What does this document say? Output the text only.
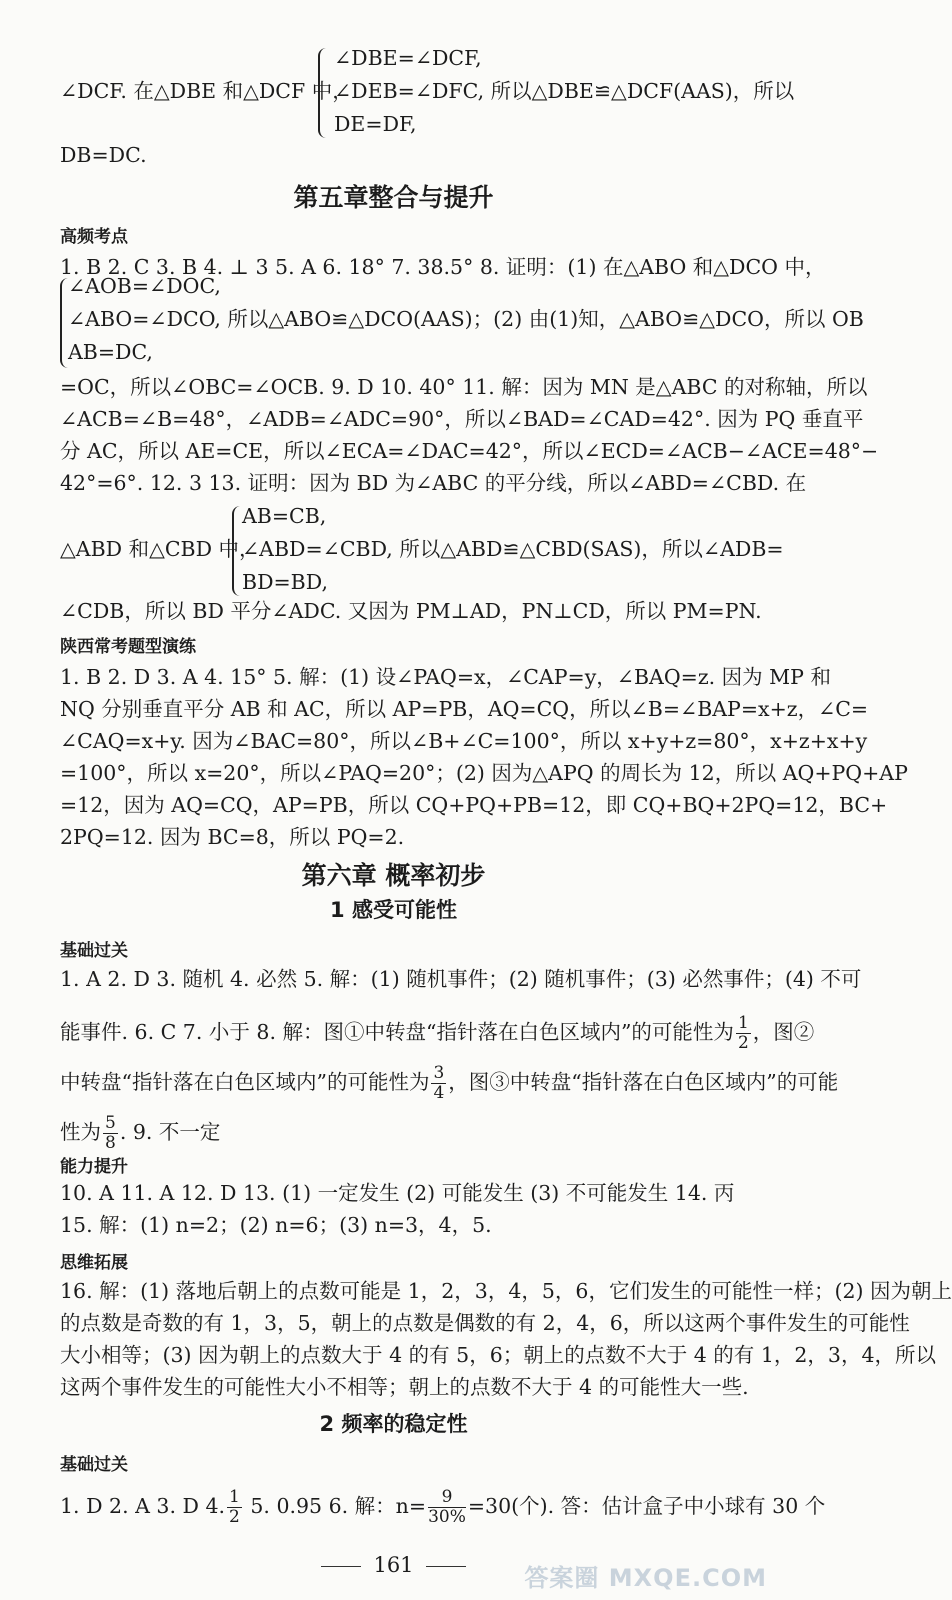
∠DCF. 在△DBE 和△DCF 中，
∠DBE=∠DCF,
∠DEB=∠DFC, 所以△DBE≌△DCF(AAS)，所以
DE=DF,
DB=DC.
第五章整合与提升
高频考点
1. B 2. C 3. B 4. ⊥ 3 5. A 6. 18° 7. 38.5° 8. 证明：(1) 在△ABO 和△DCO 中，
∠AOB=∠DOC,
∠ABO=∠DCO, 所以△ABO≌△DCO(AAS)；(2) 由(1)知，△ABO≌△DCO，所以 OB
AB=DC,
=OC，所以∠OBC=∠OCB. 9. D 10. 40° 11. 解：因为 MN 是△ABC 的对称轴，所以
∠ACB=∠B=48°，∠ADB=∠ADC=90°，所以∠BAD=∠CAD=42°. 因为 PQ 垂直平
分 AC，所以 AE=CE，所以∠ECA=∠DAC=42°，所以∠ECD=∠ACB−∠ACE=48°−
42°=6°. 12. 3 13. 证明：因为 BD 为∠ABC 的平分线，所以∠ABD=∠CBD. 在
△ABD 和△CBD 中，
AB=CB,
∠ABD=∠CBD, 所以△ABD≌△CBD(SAS)，所以∠ADB=
BD=BD,
∠CDB，所以 BD 平分∠ADC. 又因为 PM⊥AD，PN⊥CD，所以 PM=PN.
陕西常考题型演练
1. B 2. D 3. A 4. 15° 5. 解：(1) 设∠PAQ=x，∠CAP=y，∠BAQ=z. 因为 MP 和
NQ 分别垂直平分 AB 和 AC，所以 AP=PB，AQ=CQ，所以∠B=∠BAP=x+z，∠C=
∠CAQ=x+y. 因为∠BAC=80°，所以∠B+∠C=100°，所以 x+y+z=80°，x+z+x+y
=100°，所以 x=20°，所以∠PAQ=20°；(2) 因为△APQ 的周长为 12，所以 AQ+PQ+AP
=12，因为 AQ=CQ，AP=PB，所以 CQ+PQ+PB=12，即 CQ+BQ+2PQ=12，BC+
2PQ=12. 因为 BC=8，所以 PQ=2.
第六章 概率初步
1 感受可能性
基础过关
1. A 2. D 3. 随机 4. 必然 5. 解：(1) 随机事件；(2) 随机事件；(3) 必然事件；(4) 不可
能事件. 6. C 7. 小于 8. 解：图①中转盘“指针落在白色区域内”的可能性为 $\frac{1}{2}$ ，图②
中转盘“指针落在白色区域内”的可能性为 $\frac{3}{4}$ ，图③中转盘“指针落在白色区域内”的可能
性为 $\frac{5}{8}$ . 9. 不一定
能力提升
10. A 11. A 12. D 13. (1) 一定发生 (2) 可能发生 (3) 不可能发生 14. 丙
15. 解：(1) n=2；(2) n=6；(3) n=3，4，5.
思维拓展
16. 解：(1) 落地后朝上的点数可能是 1，2，3，4，5，6，它们发生的可能性一样；(2) 因为朝上
的点数是奇数的有 1，3，5，朝上的点数是偶数的有 2，4，6，所以这两个事件发生的可能性
大小相等；(3) 因为朝上的点数大于 4 的有 5，6；朝上的点数不大于 4 的有 1，2，3，4，所以
这两个事件发生的可能性大小不相等；朝上的点数不大于 4 的可能性大一些.
2 频率的稳定性
基础过关
1. D 2. A 3. D 4. $\frac{1}{2} 5$. 0.95 6. 解：$n= \frac{9}{30\%} =30$(个). 答：估计盒子中小球有 30 个
161	答案圈 MXQE.COM
